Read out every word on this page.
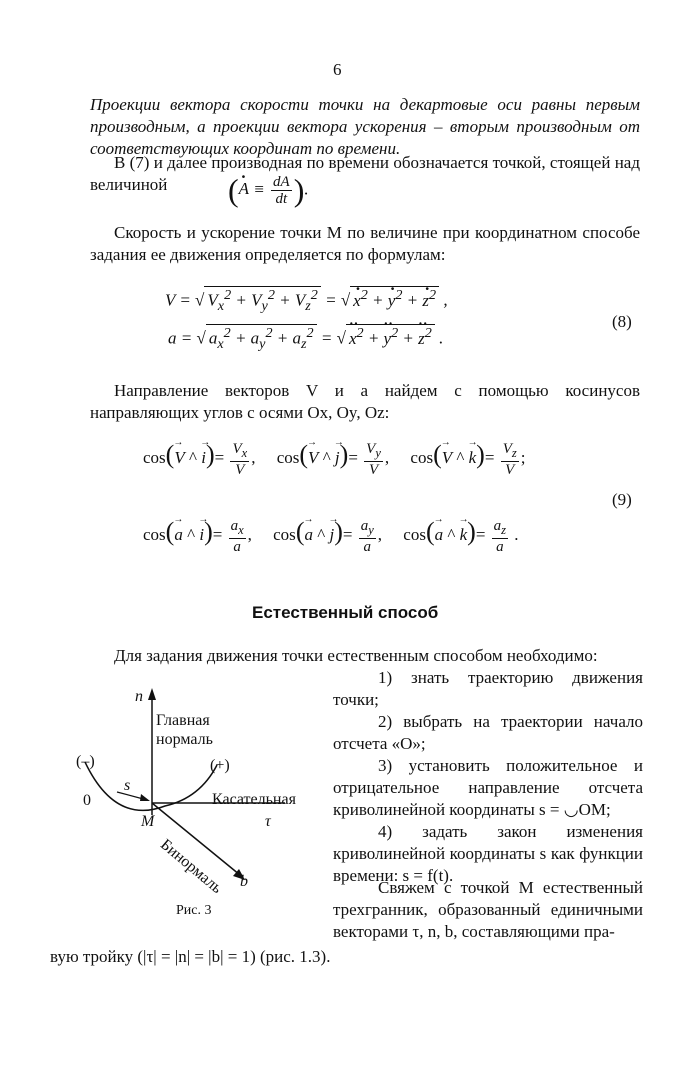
6
Проекции вектора скорости точки на декартовые оси равны первым производным, а проекции вектора ускорения – вторым производным от соответствующих координат по времени.
В (7) и далее производная по времени обозначается точкой, стоящей над величиной	(· $A \equiv \frac{dA}{dt}$ ).
Скорость и ускорение точки M по величине при координатном способе задания ее движения определяется по формулам:
V = √ $V_x^2 + V_y^2 + V_z^2$ = √ · $x^2$ + · $y^2$ + · $z^2$ ,
a = √ $a_x^2 + a_y^2 + a_z^2$ = √ ·· $x^2$ + ·· $y^2$ + ·· $z^2$ .
(8)
Направление векторов V и a найдем с помощью косинусов направляющих углов с осями Ox, Oy, Oz:
cos(→ V ^ → $i)= \frac{V_x}{V}$ ,     cos(→ V ^ → $j)= \frac{V_y}{V}$ ,     cos(→ V ^ → $k)= \frac{V_z}{V}$ ;
cos(→ a ^ → $i)= \frac{a_x}{a}$ ,     cos(→ a ^ → $j)= \frac{a_y}{a}$ ,     cos(→ a ^ → $k)= \frac{a_z}{a}$ .
(9)
Естественный способ
Для задания движения точки естественным способом необходимо:
1) знать траекторию движения точки;
2) выбрать на траектории начало отсчета «O»;
3) установить положительное и отрицательное направление отсчета криволинейной координаты s = ◡OM;
4) задать закон изменения криволинейной координаты s как функции времени: s = f(t).
Свяжем с точкой M естественный трехгранник, образованный единичными векторами τ, n, b, составляющими пра-
вую тройку (|τ| = |n| = |b| = 1) (рис. 1.3).
n
Главная
нормаль
(–)	(+)
0
s
Касательная
τ
M
Бинормаль b
Рис. 3
